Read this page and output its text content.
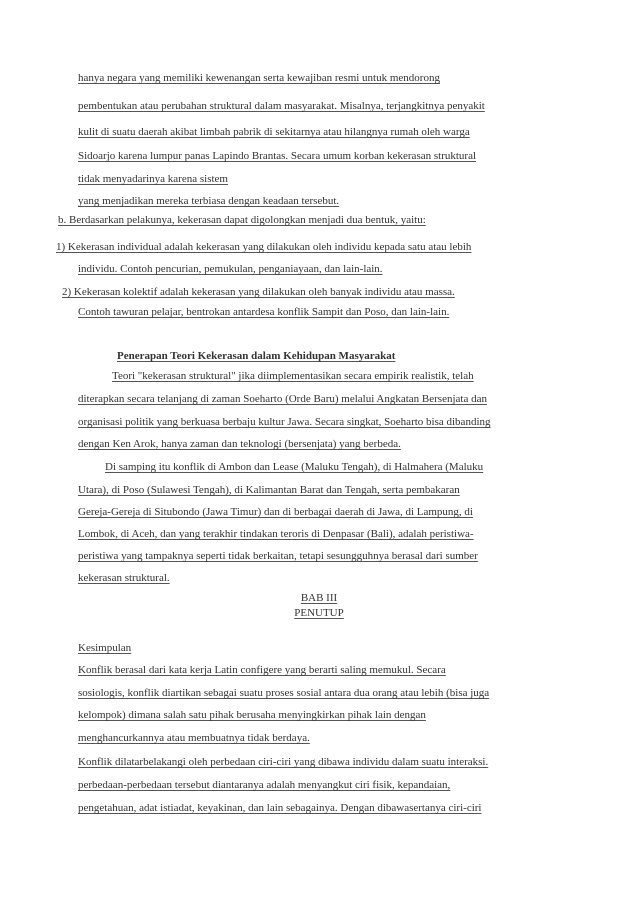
hanya negara yang memiliki kewenangan serta kewajiban resmi untuk mendorong
pembentukan atau perubahan struktural dalam masyarakat. Misalnya, terjangkitnya penyakit
kulit di suatu daerah akibat limbah pabrik di sekitarnya atau hilangnya rumah oleh warga
Sidoarjo karena lumpur panas Lapindo Brantas. Secara umum korban kekerasan struktural
tidak menyadarinya karena sistem
yang menjadikan mereka terbiasa dengan keadaan tersebut.
b. Berdasarkan pelakunya, kekerasan dapat digolongkan menjadi dua bentuk, yaitu:
1) Kekerasan individual adalah kekerasan yang dilakukan oleh individu kepada satu atau lebih
individu. Contoh pencurian, pemukulan, penganiayaan, dan lain-lain.
2) Kekerasan kolektif adalah kekerasan yang dilakukan oleh banyak individu atau massa.
Contoh tawuran pelajar, bentrokan antardesa konflik Sampit dan Poso, dan lain-lain.
Penerapan Teori Kekerasan dalam Kehidupan Masyarakat
Teori "kekerasan struktural" jika diimplementasikan secara empirik realistik, telah
diterapkan secara telanjang di zaman Soeharto (Orde Baru) melalui Angkatan Bersenjata dan
organisasi politik yang berkuasa berbaju kultur Jawa. Secara singkat, Soeharto bisa dibanding
dengan Ken Arok, hanya zaman dan teknologi (bersenjata) yang berbeda.
Di samping itu konflik di Ambon dan Lease (Maluku Tengah), di Halmahera (Maluku
Utara), di Poso (Sulawesi Tengah), di Kalimantan Barat dan Tengah, serta pembakaran
Gereja-Gereja di Situbondo (Jawa Timur) dan di berbagai daerah di Jawa, di Lampung, di
Lombok, di Aceh, dan yang terakhir tindakan teroris di Denpasar (Bali), adalah peristiwa-
peristiwa yang tampaknya seperti tidak berkaitan, tetapi sesungguhnya berasal dari sumber
kekerasan struktural.
BAB III
PENUTUP
Kesimpulan
Konflik berasal dari kata kerja Latin configere yang berarti saling memukul. Secara
sosiologis, konflik diartikan sebagai suatu proses sosial antara dua orang atau lebih (bisa juga
kelompok) dimana salah satu pihak berusaha menyingkirkan pihak lain dengan
menghancurkannya atau membuatnya tidak berdaya.
Konflik dilatarbelakangi oleh perbedaan ciri-ciri yang dibawa individu dalam suatu interaksi.
perbedaan-perbedaan tersebut diantaranya adalah menyangkut ciri fisik, kepandaian,
pengetahuan, adat istiadat, keyakinan, dan lain sebagainya. Dengan dibawasertanya ciri-ciri
